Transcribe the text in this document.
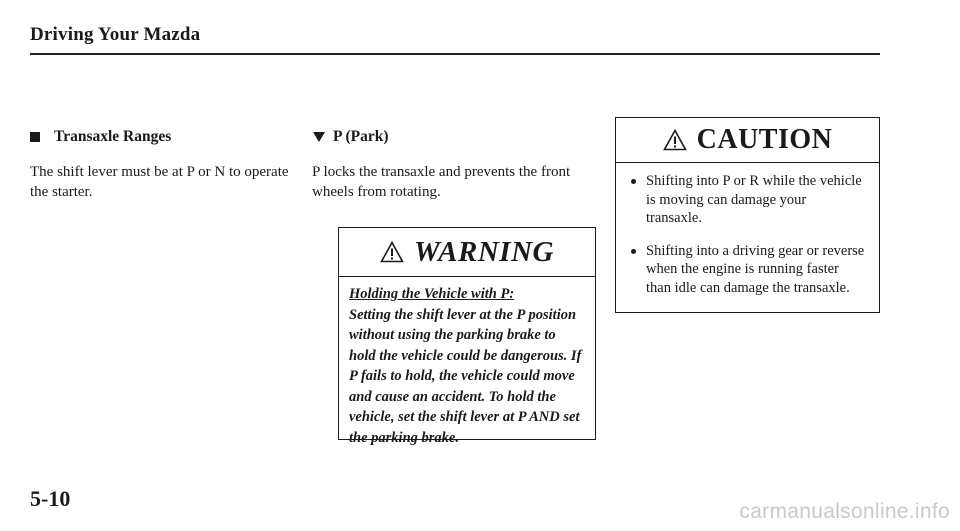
Driving Your Mazda
Transaxle Ranges
The shift lever must be at P or N to operate the starter.
P (Park)
P locks the transaxle and prevents the front wheels from rotating.
WARNING
Holding the Vehicle with P:
Setting the shift lever at the P position without using the parking brake to hold the vehicle could be dangerous. If P fails to hold, the vehicle could move and cause an accident. To hold the vehicle, set the shift lever at P AND set the parking brake.
CAUTION
Shifting into P or R while the vehicle is moving can damage your transaxle.
Shifting into a driving gear or reverse when the engine is running faster than idle can damage the transaxle.
5-10
carmanualsonline.info
